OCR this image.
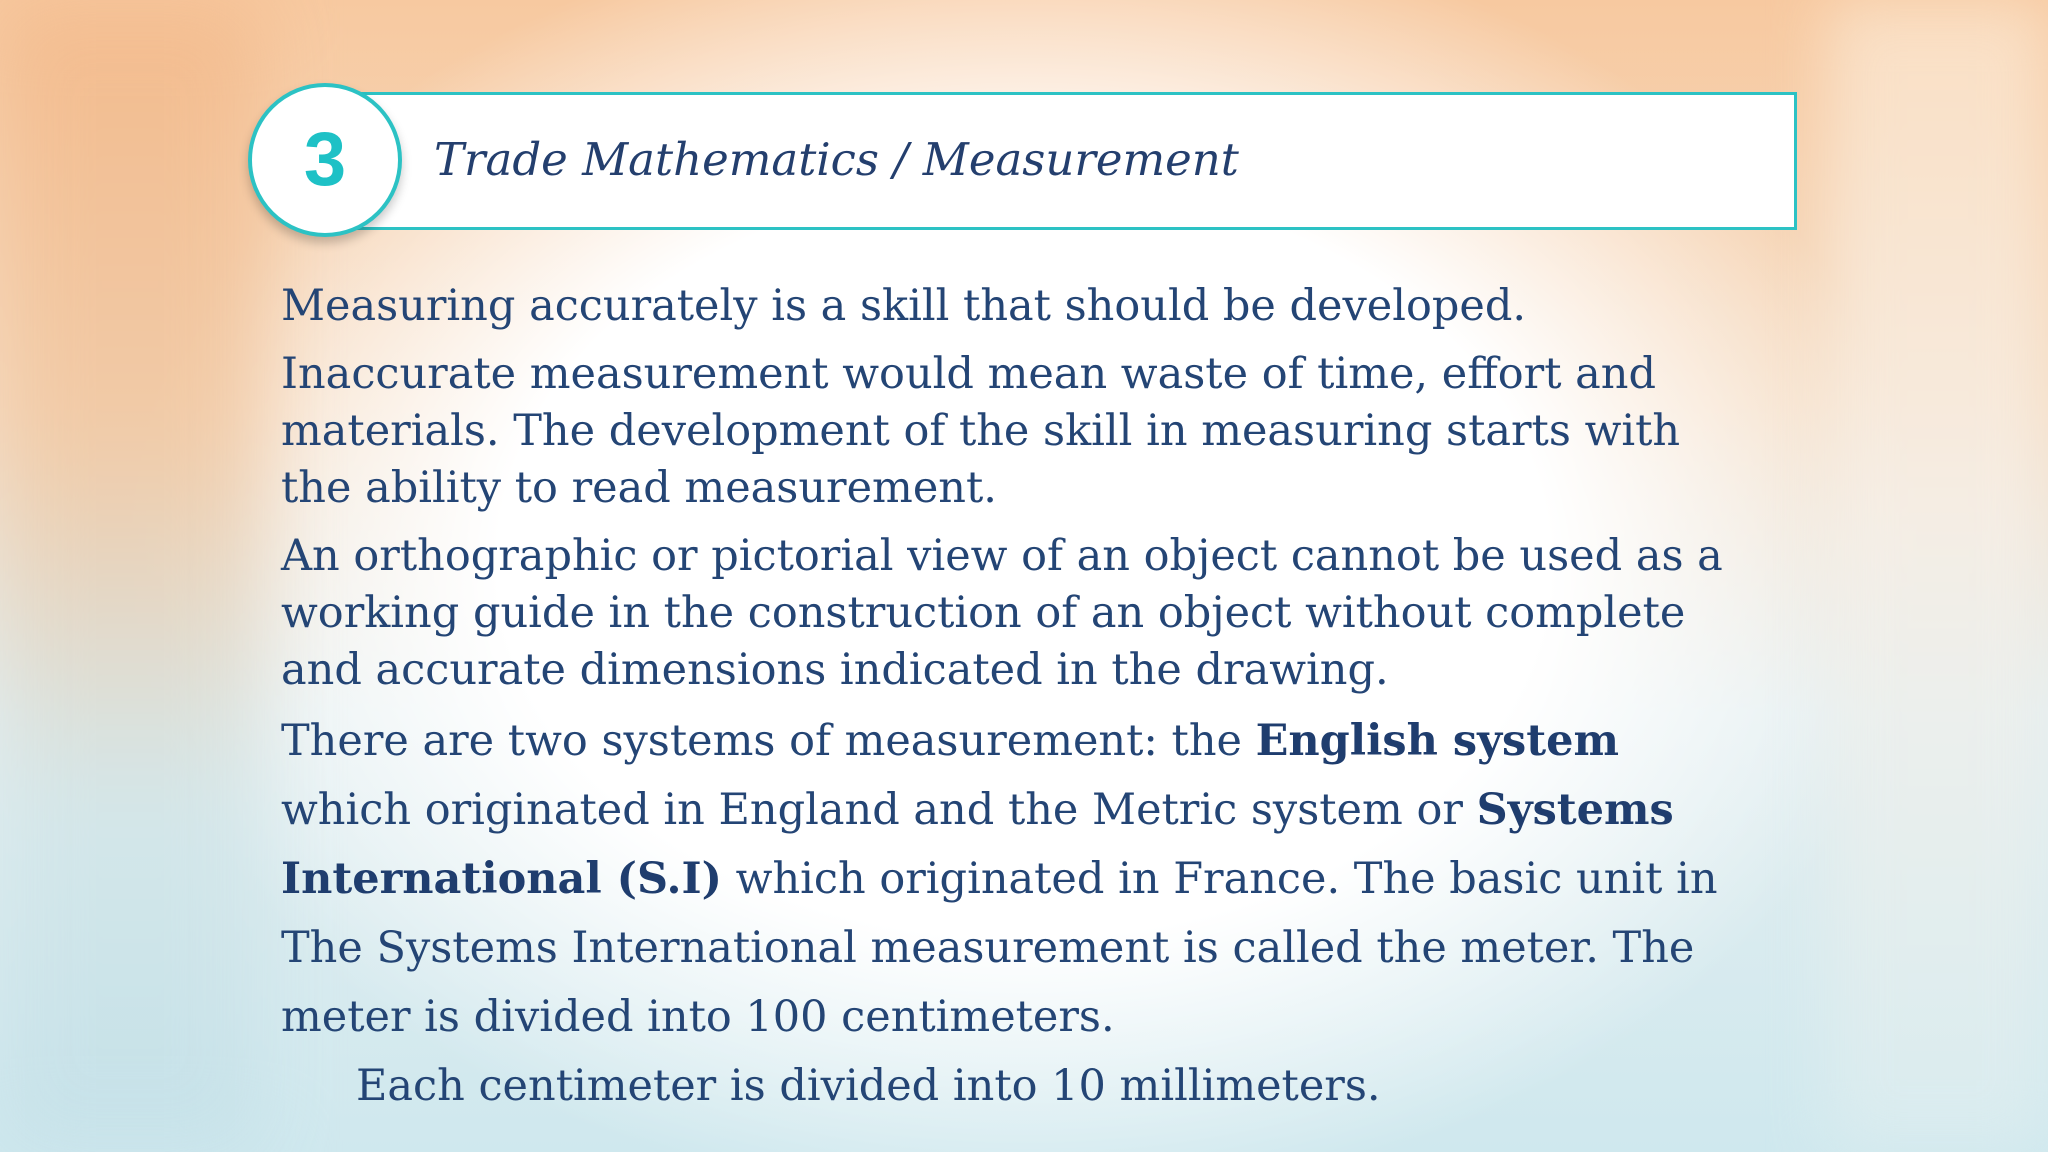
Trade Mathematics / Measurement
3

Measuring accurately is a skill that should be developed.

Inaccurate measurement would mean waste of time, effort and
materials. The development of the skill in measuring starts with
the ability to read measurement.

An orthographic or pictorial view of an object cannot be used as a
working guide in the construction of an object without complete
and accurate dimensions indicated in the drawing.

There are two systems of measurement: the English system
which originated in England and the Metric system or Systems
International (S.I) which originated in France. The basic unit in
The Systems International measurement is called the meter. The
meter is divided into 100 centimeters.
Each centimeter is divided into 10 millimeters.
